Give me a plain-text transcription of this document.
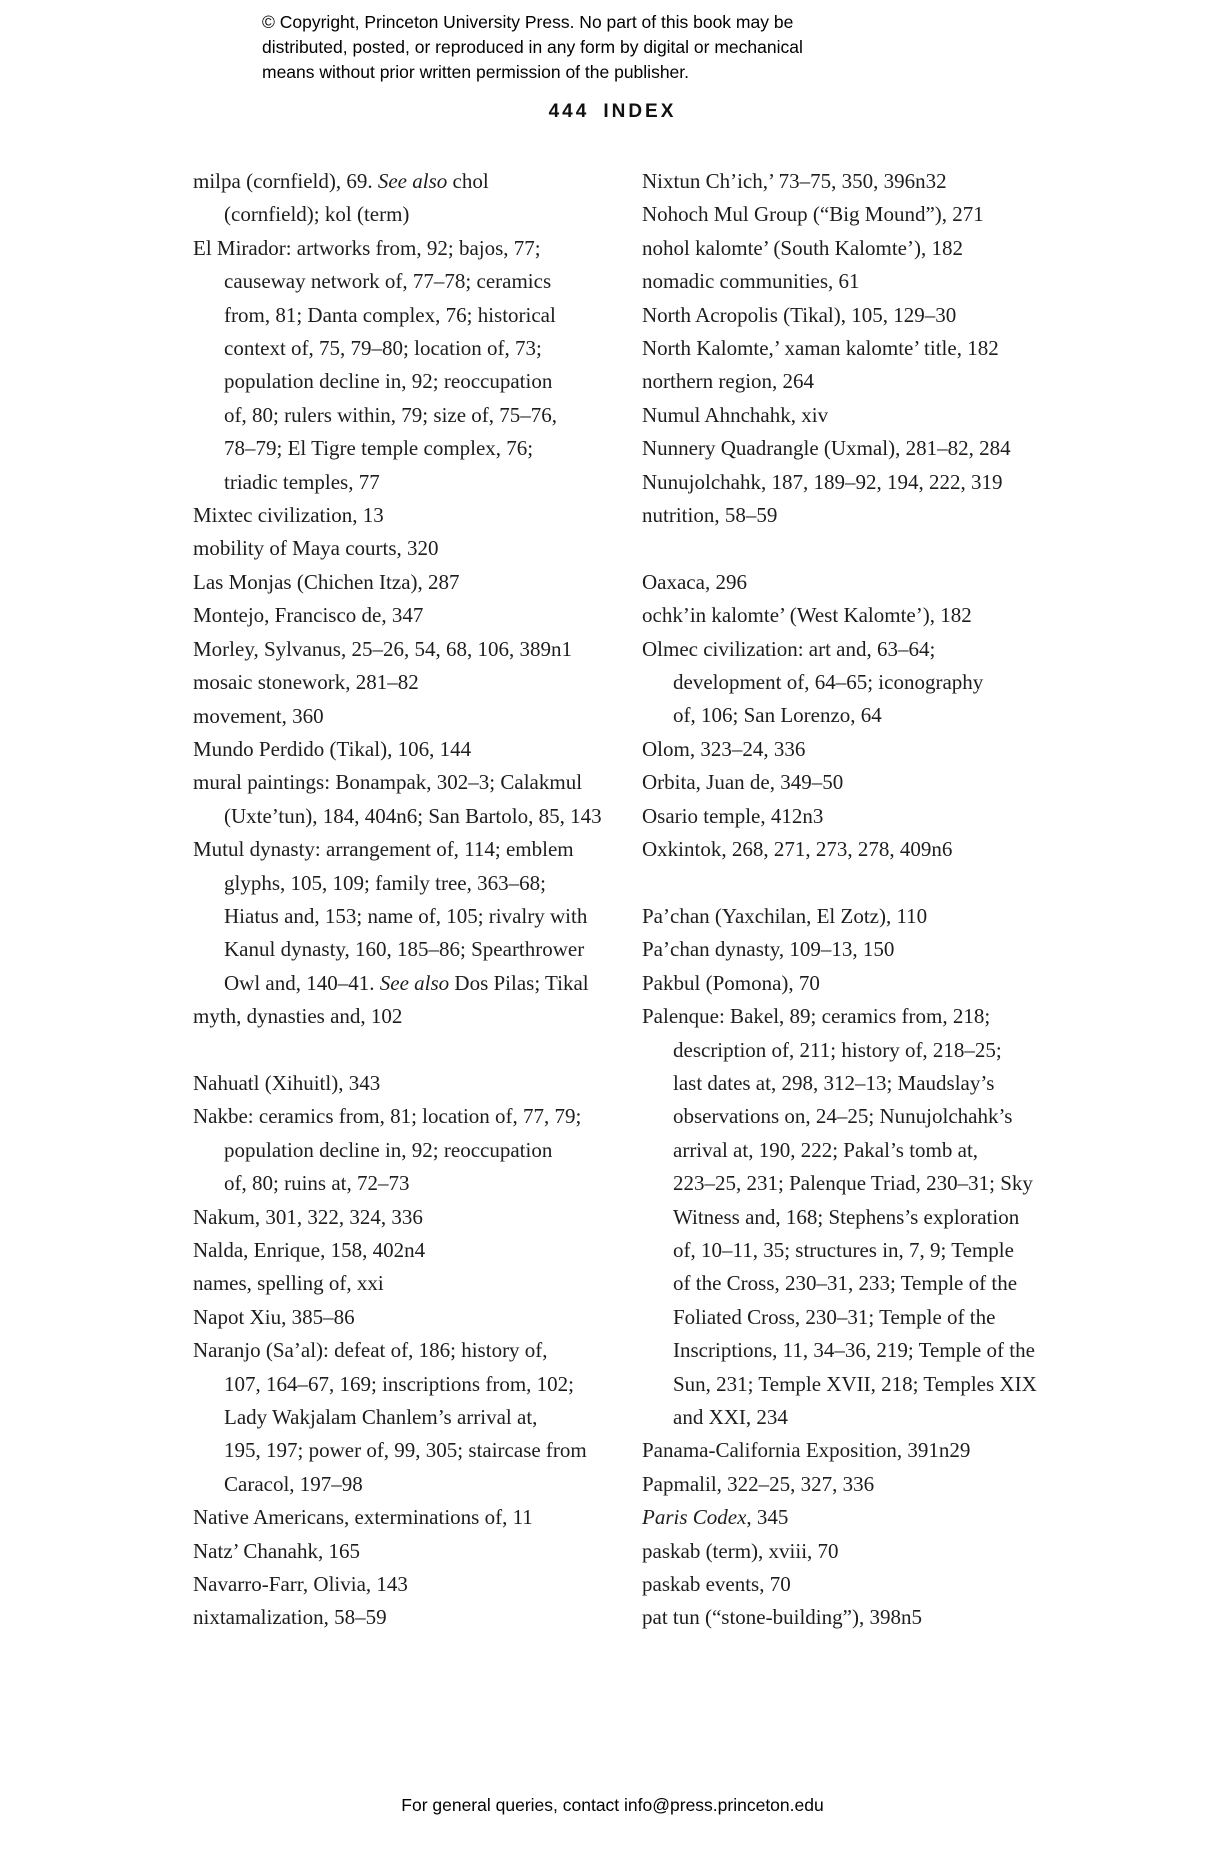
© Copyright, Princeton University Press. No part of this book may be
distributed, posted, or reproduced in any form by digital or mechanical
means without prior written permission of the publisher.
444 INDEX
milpa (cornfield), 69. See also chol
(cornfield); kol (term)
El Mirador: artworks from, 92; bajos, 77;
causeway network of, 77–78; ceramics
from, 81; Danta complex, 76; historical
context of, 75, 79–80; location of, 73;
population decline in, 92; reoccupation
of, 80; rulers within, 79; size of, 75–76,
78–79; El Tigre temple complex, 76;
triadic temples, 77
Mixtec civilization, 13
mobility of Maya courts, 320
Las Monjas (Chichen Itza), 287
Montejo, Francisco de, 347
Morley, Sylvanus, 25–26, 54, 68, 106, 389n1
mosaic stonework, 281–82
movement, 360
Mundo Perdido (Tikal), 106, 144
mural paintings: Bonampak, 302–3; Calakmul
(Uxte’tun), 184, 404n6; San Bartolo, 85, 143
Mutul dynasty: arrangement of, 114; emblem
glyphs, 105, 109; family tree, 363–68;
Hiatus and, 153; name of, 105; rivalry with
Kanul dynasty, 160, 185–86; Spearthrower
Owl and, 140–41. See also Dos Pilas; Tikal
myth, dynasties and, 102
Nahuatl (Xihuitl), 343
Nakbe: ceramics from, 81; location of, 77, 79;
population decline in, 92; reoccupation
of, 80; ruins at, 72–73
Nakum, 301, 322, 324, 336
Nalda, Enrique, 158, 402n4
names, spelling of, xxi
Napot Xiu, 385–86
Naranjo (Sa’al): defeat of, 186; history of,
107, 164–67, 169; inscriptions from, 102;
Lady Wakjalam Chanlem’s arrival at,
195, 197; power of, 99, 305; staircase from
Caracol, 197–98
Native Americans, exterminations of, 11
Natz’ Chanahk, 165
Navarro-Farr, Olivia, 143
nixtamalization, 58–59
Nixtun Ch’ich,’ 73–75, 350, 396n32
Nohoch Mul Group (“Big Mound”), 271
nohol kalomte’ (South Kalomte’), 182
nomadic communities, 61
North Acropolis (Tikal), 105, 129–30
North Kalomte,’ xaman kalomte’ title, 182
northern region, 264
Numul Ahnchahk, xiv
Nunnery Quadrangle (Uxmal), 281–82, 284
Nunujolchahk, 187, 189–92, 194, 222, 319
nutrition, 58–59
Oaxaca, 296
ochk’in kalomte’ (West Kalomte’), 182
Olmec civilization: art and, 63–64;
development of, 64–65; iconography
of, 106; San Lorenzo, 64
Olom, 323–24, 336
Orbita, Juan de, 349–50
Osario temple, 412n3
Oxkintok, 268, 271, 273, 278, 409n6
Pa’chan (Yaxchilan, El Zotz), 110
Pa’chan dynasty, 109–13, 150
Pakbul (Pomona), 70
Palenque: Bakel, 89; ceramics from, 218;
description of, 211; history of, 218–25;
last dates at, 298, 312–13; Maudslay’s
observations on, 24–25; Nunujolchahk’s
arrival at, 190, 222; Pakal’s tomb at,
223–25, 231; Palenque Triad, 230–31; Sky
Witness and, 168; Stephens’s exploration
of, 10–11, 35; structures in, 7, 9; Temple
of the Cross, 230–31, 233; Temple of the
Foliated Cross, 230–31; Temple of the
Inscriptions, 11, 34–36, 219; Temple of the
Sun, 231; Temple XVII, 218; Temples XIX
and XXI, 234
Panama-California Exposition, 391n29
Papmalil, 322–25, 327, 336
Paris Codex, 345
paskab (term), xviii, 70
paskab events, 70
pat tun (“stone-building”), 398n5
For general queries, contact info@press.princeton.edu
